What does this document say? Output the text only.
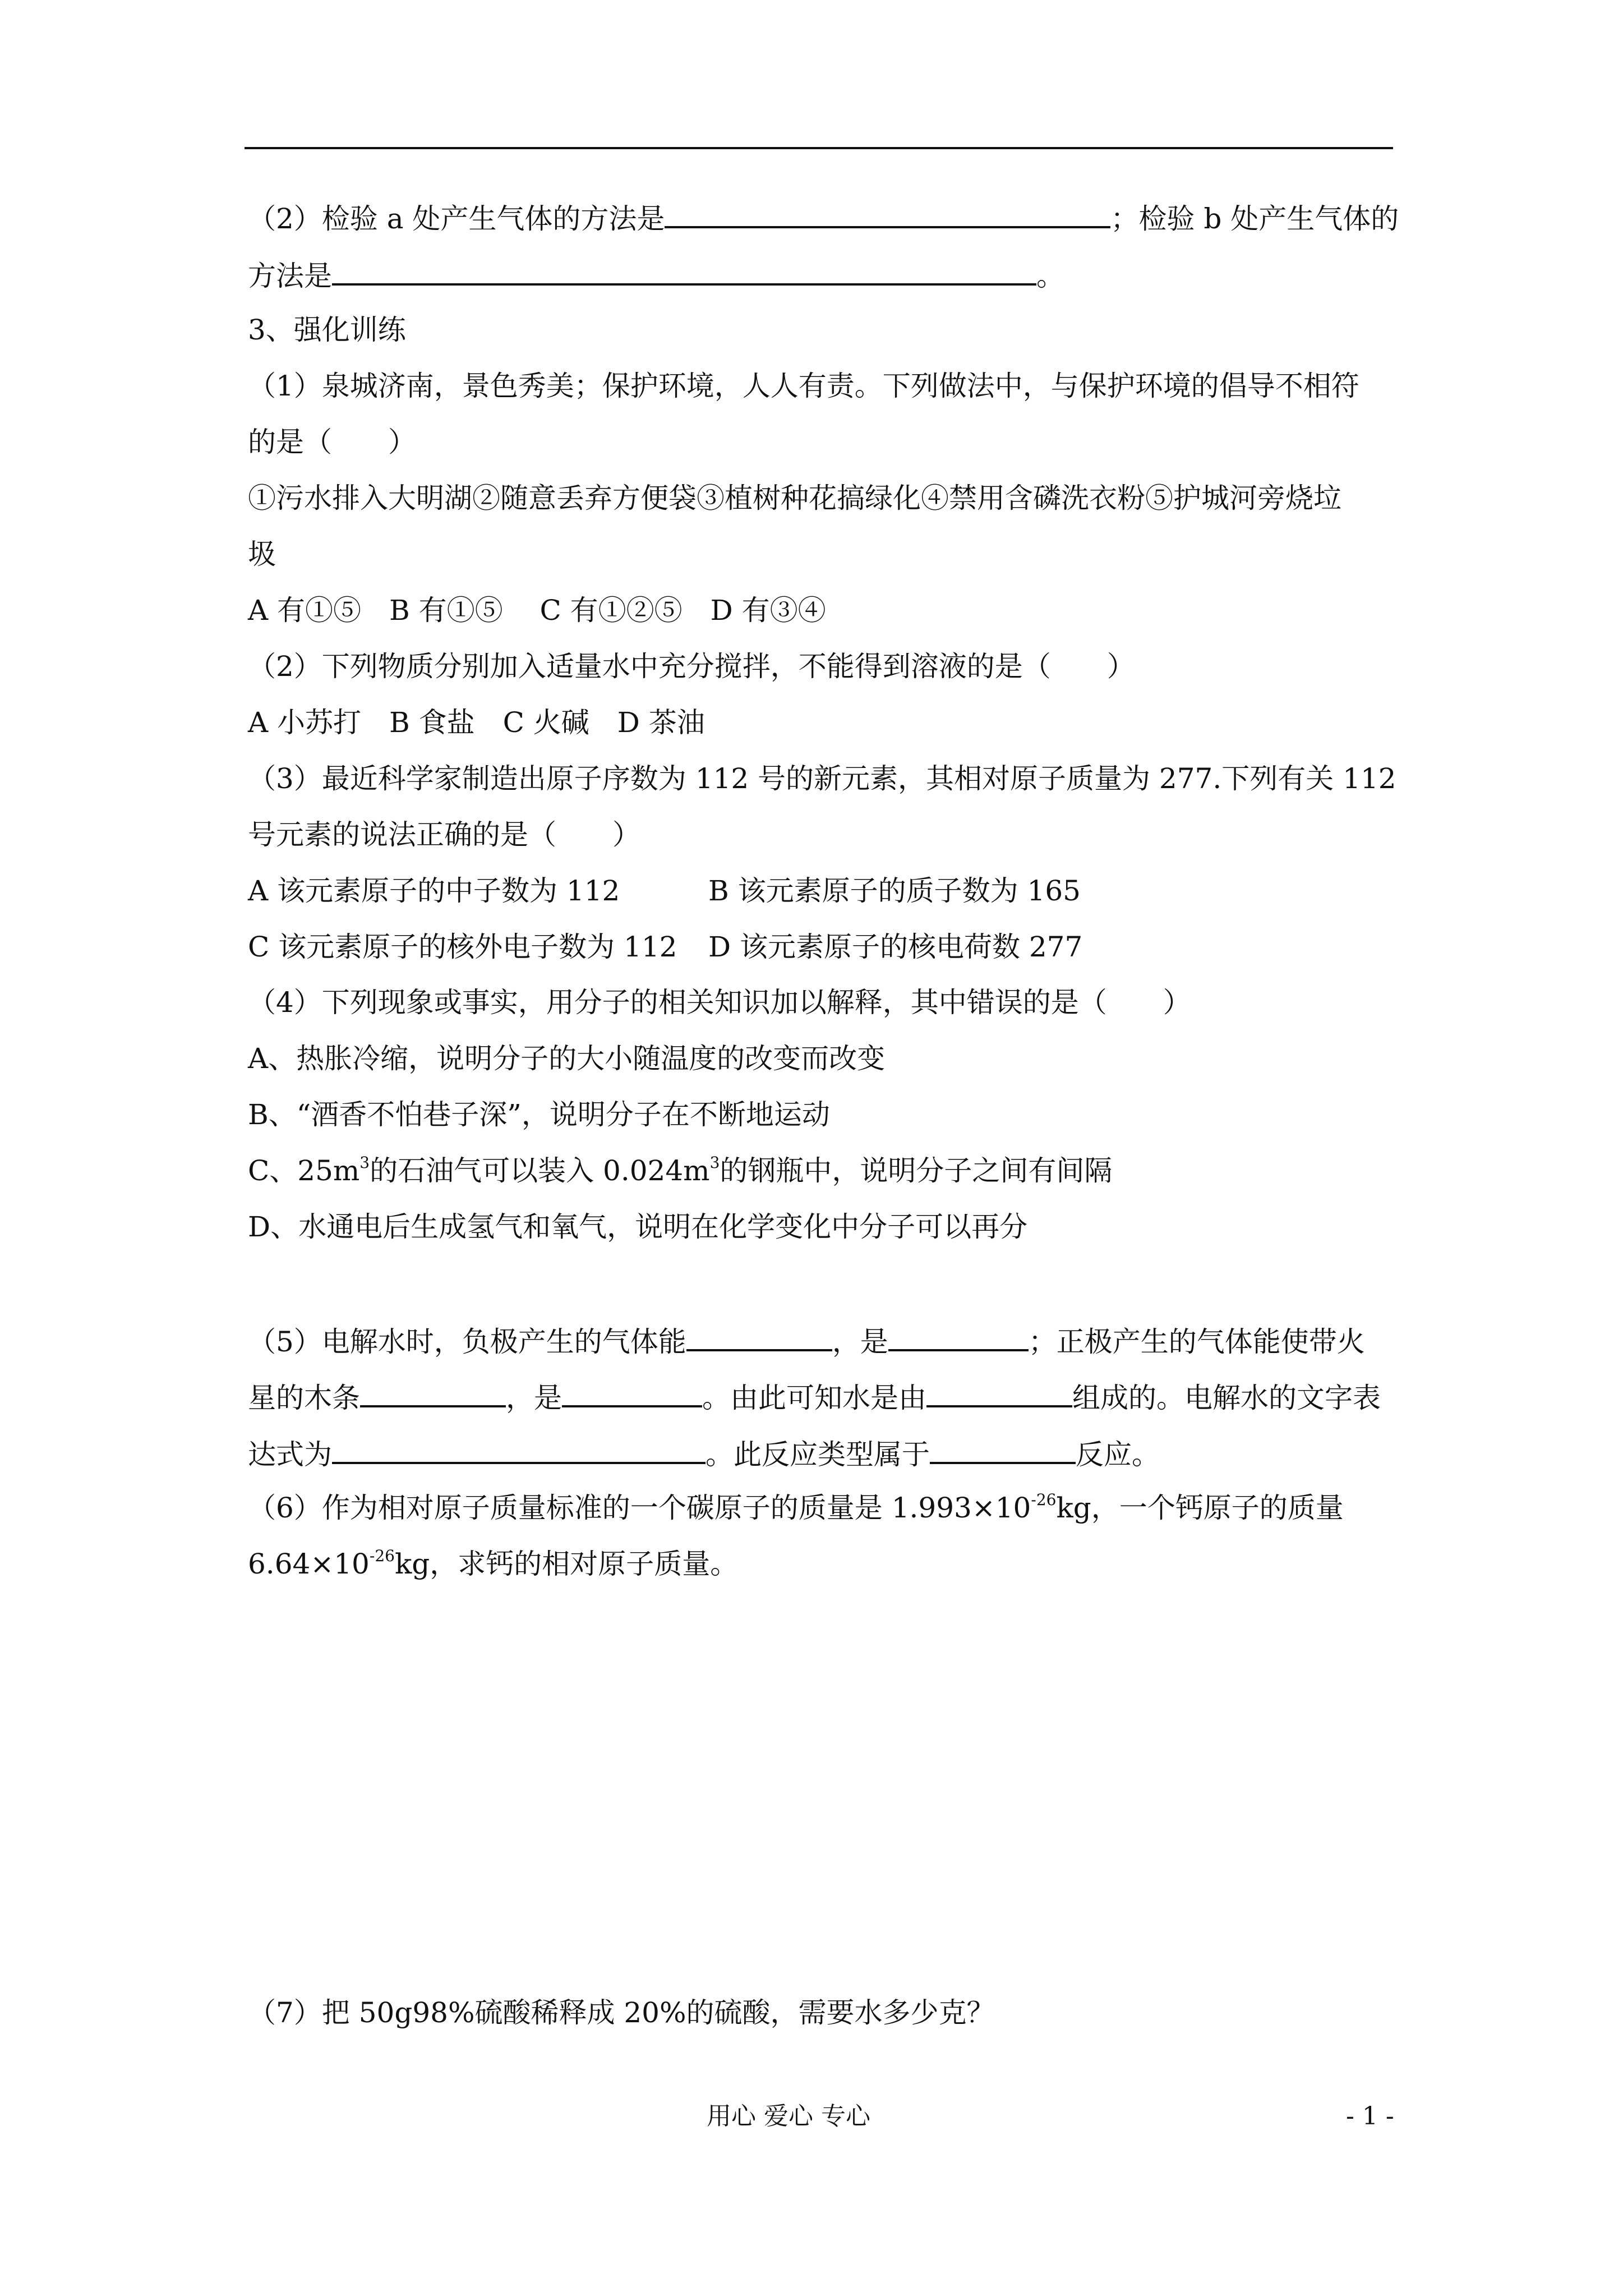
（2）检验 a 处产生气体的方法是	；检验 b 处产生气体的
方法是	。
3、强化训练
（1）泉城济南，景色秀美；保护环境，人人有责。下列做法中，与保护环境的倡导不相符
的是（　　）
①污水排入大明湖②随意丢弃方便袋③植树种花搞绿化④禁用含磷洗衣粉⑤护城河旁烧垃
圾
A 有①⑤　B 有①⑤　 C 有①②⑤　D 有③④
（2）下列物质分别加入适量水中充分搅拌，不能得到溶液的是（　　）
A 小苏打　B 食盐　C 火碱　D 茶油
（3）最近科学家制造出原子序数为 112 号的新元素，其相对原子质量为 277.下列有关 112
号元素的说法正确的是（　　）
A 该元素原子的中子数为 112	B 该元素原子的质子数为 165
C 该元素原子的核外电子数为 112 D 该元素原子的核电荷数 277
（4）下列现象或事实，用分子的相关知识加以解释，其中错误的是（　　）
A、热胀冷缩，说明分子的大小随温度的改变而改变
B、“酒香不怕巷子深”，说明分子在不断地运动
C、$25m^3$的石油气可以装入 $0.024m^3$的钢瓶中，说明分子之间有间隔
D、水通电后生成氢气和氧气，说明在化学变化中分子可以再分
（5）电解水时，负极产生的气体能	，是	；正极产生的气体能使带火
星的木条	，是	。由此可知水是由	组成的。电解水的文字表
达式为	。此反应类型属于	反应。
（6）作为相对原子质量标准的一个碳原子的质量是 $1.993\times 10^{-26}kg$，一个钙原子的质量
$6.64\times 10^{-26}kg$，求钙的相对原子质量。
（7）把 50g98%硫酸稀释成 20%的硫酸，需要水多少克？
用心 爱心 专心	- 1 -
